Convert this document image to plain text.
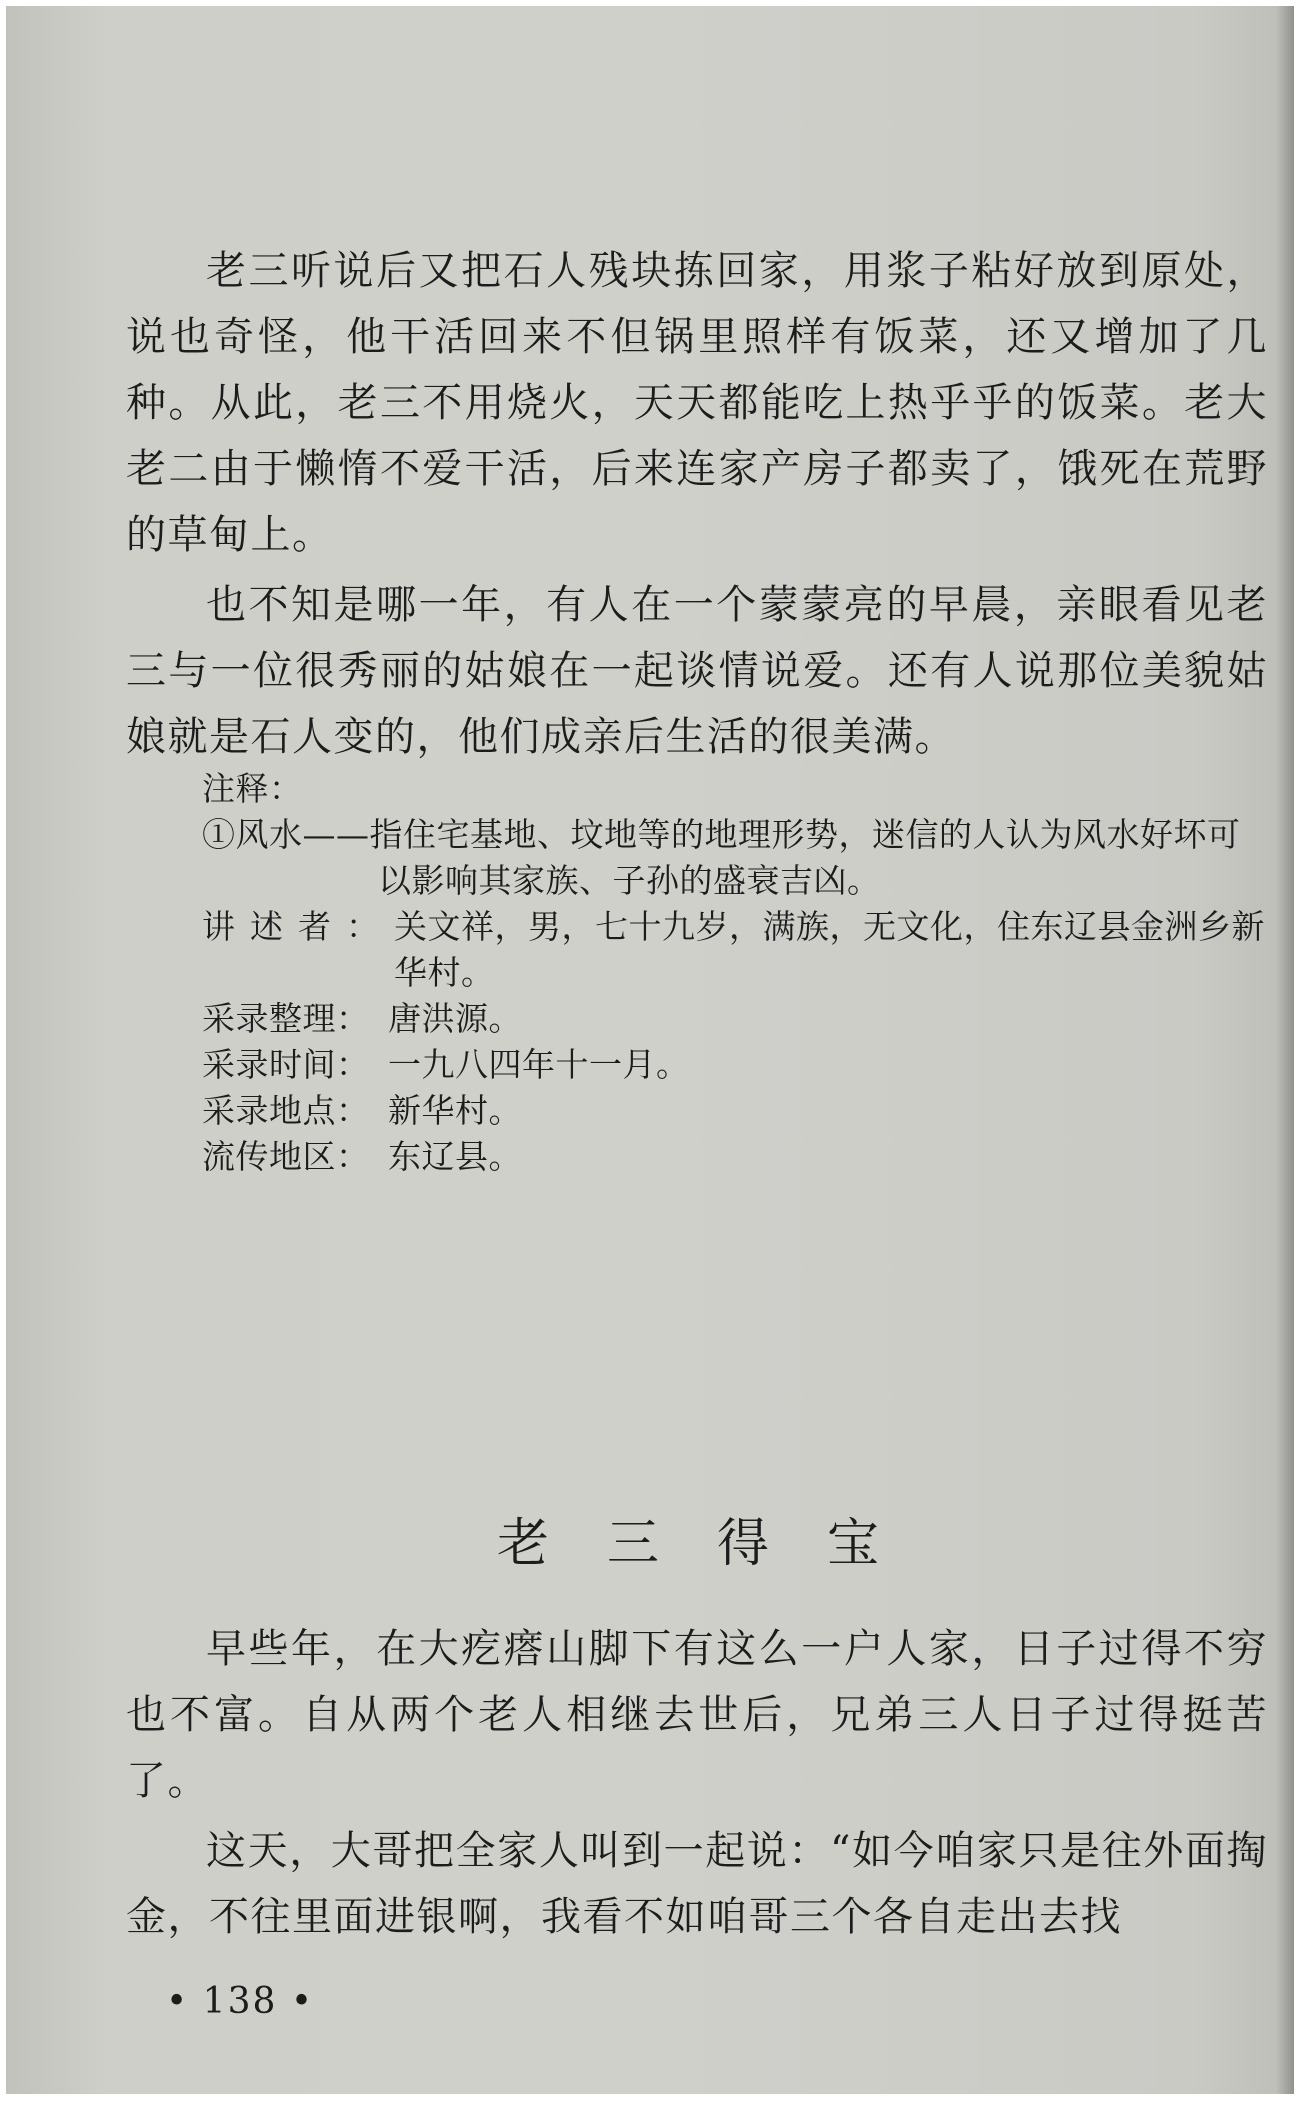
老三听说后又把石人残块拣回家，用浆子粘好放到原处，说也奇怪，他干活回来不但锅里照样有饭菜，还又增加了几种。从此，老三不用烧火，天天都能吃上热乎乎的饭菜。老大老二由于懒惰不爱干活，后来连家产房子都卖了，饿死在荒野的草甸上。

也不知是哪一年，有人在一个蒙蒙亮的早晨，亲眼看见老三与一位很秀丽的姑娘在一起谈情说爱。还有人说那位美貌姑娘就是石人变的，他们成亲后生活的很美满。

注释：

①风水——指住宅基地、坟地等的地理形势，迷信的人认为风水好坏可以影响其家族、子孙的盛衰吉凶。

讲述者： 关文祥，男，七十九岁，满族，无文化，住东辽县金洲乡新华村。
采录整理： 唐洪源。
采录时间： 一九八四年十一月。
采录地点： 新华村。
流传地区： 东辽县。
老三得宝

早些年，在大疙瘩山脚下有这么一户人家，日子过得不穷也不富。自从两个老人相继去世后，兄弟三人日子过得挺苦了。

这天，大哥把全家人叫到一起说：“如今咱家只是往外面掏金，不往里面进银啊，我看不如咱哥三个各自走出去找

• 138 •
